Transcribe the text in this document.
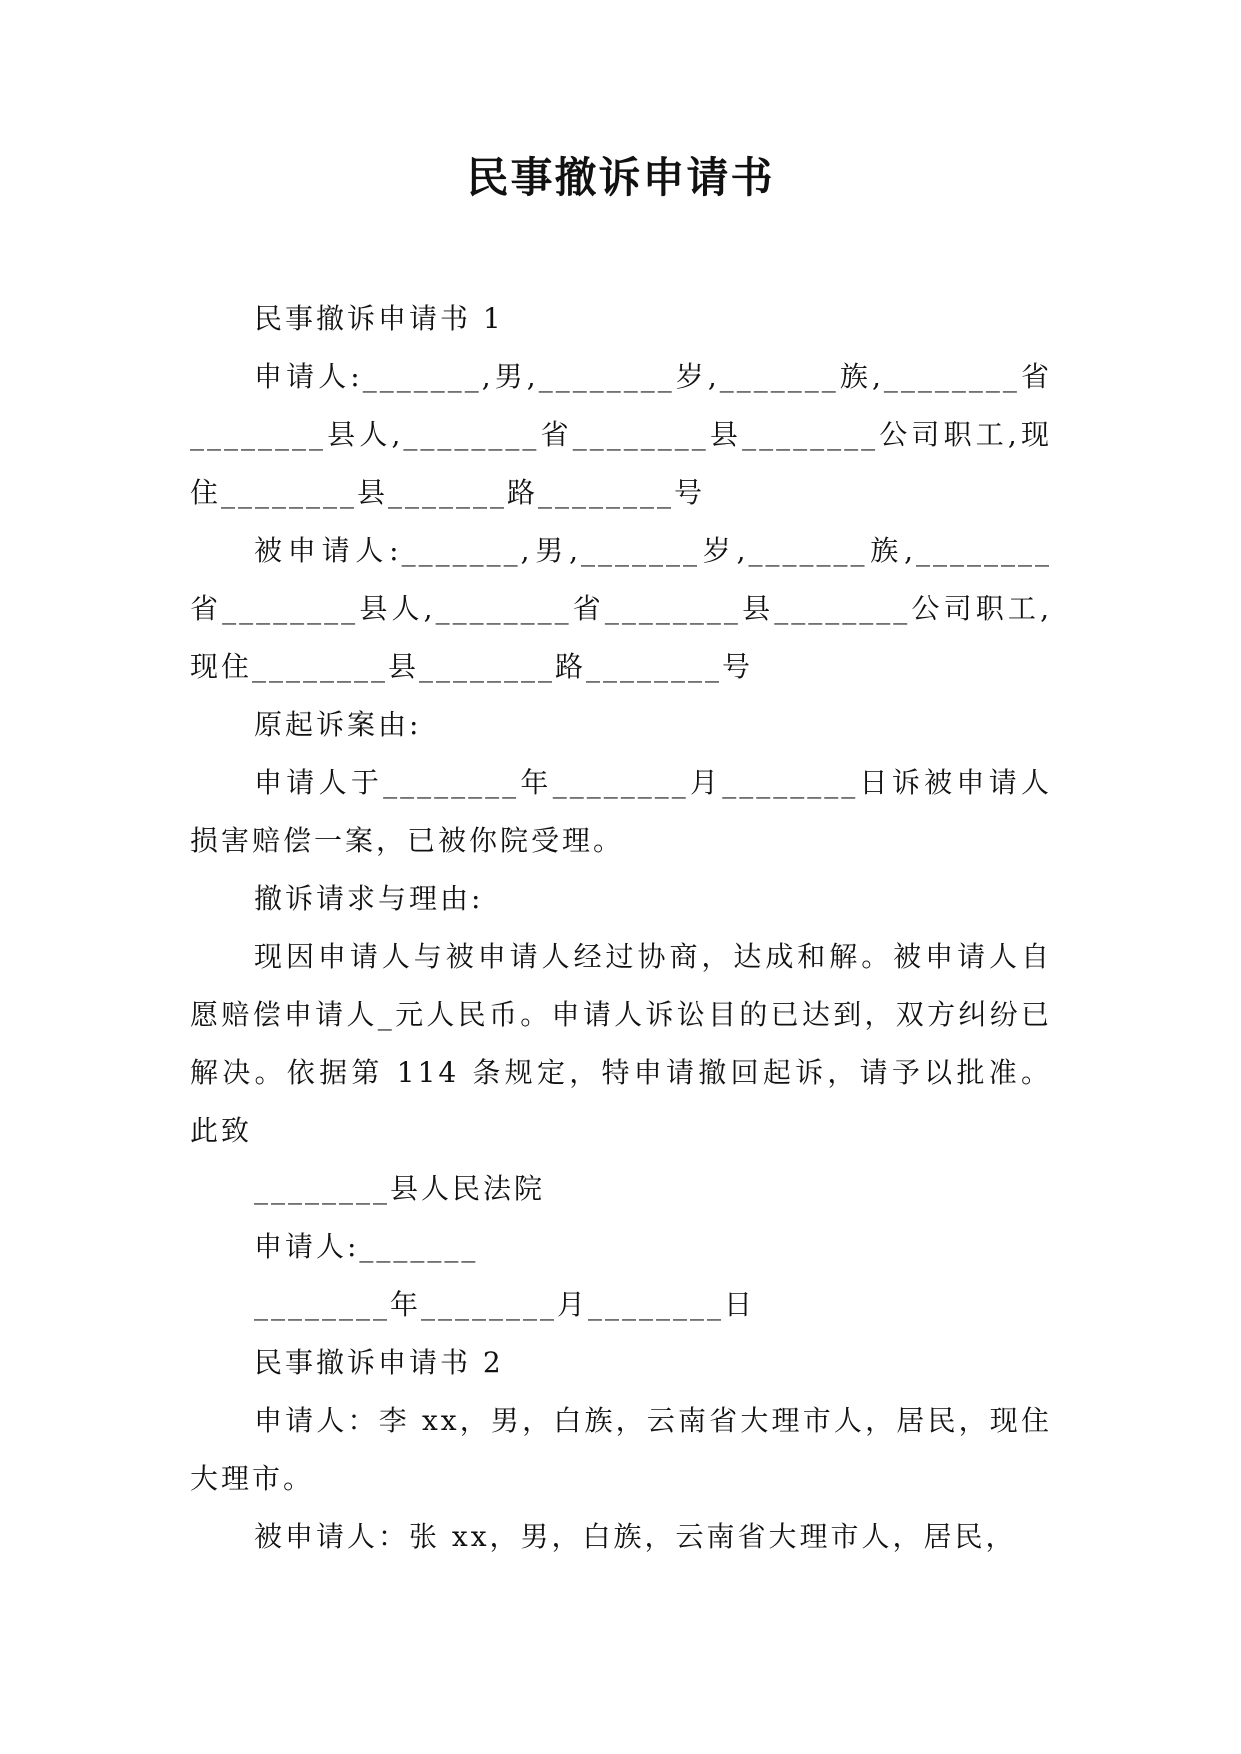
民事撤诉申请书

民事撤诉申请书 1

申请人:_______,男,________岁,_______族,________省________县人,________省________县________公司职工,现住________县_______路________号

被申请人:_______,男,_______岁,_______族,________省________县人,________省________县________公司职工,现住________县________路________号

原起诉案由:

申请人于________年________月________日诉被申请人损害赔偿一案，已被你院受理。

撤诉请求与理由:

现因申请人与被申请人经过协商，达成和解。被申请人自愿赔偿申请人_元人民币。申请人诉讼目的已达到，双方纠纷已解决。依据第 114 条规定，特申请撤回起诉，请予以批准。      此致

________县人民法院

申请人:_______

________年________月________日

民事撤诉申请书 2

申请人：李 xx，男，白族，云南省大理市人，居民，现住大理市。

被申请人：张 xx，男，白族，云南省大理市人，居民，
